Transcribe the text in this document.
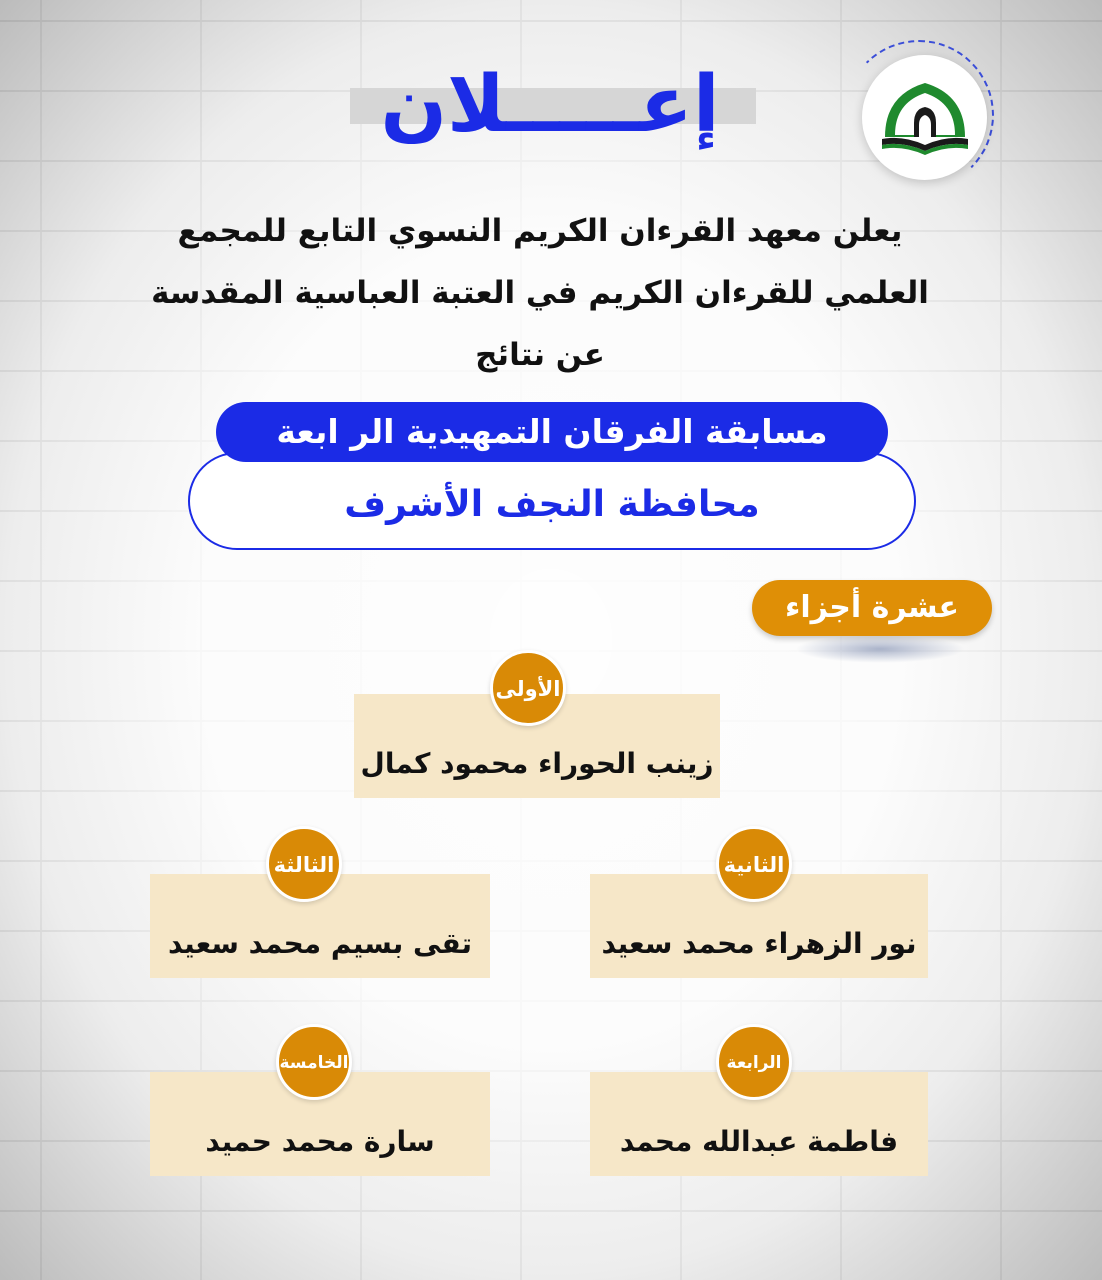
إعـــــلان
يعلن معهد القرءان الكريم النسوي التابع للمجمع
العلمي للقرءان الكريم في العتبة العباسية المقدسة
عن نتائج
مسابقة الفرقان التمهيدية الر ابعة
محافظة النجف الأشرف
عشرة أجزاء
زينب الحوراء محمود كمال
الأولى
نور الزهراء محمد سعيد
الثانية
تقى بسيم محمد سعيد
الثالثة
فاطمة عبدالله محمد
الرابعة
سارة محمد حميد
الخامسة
